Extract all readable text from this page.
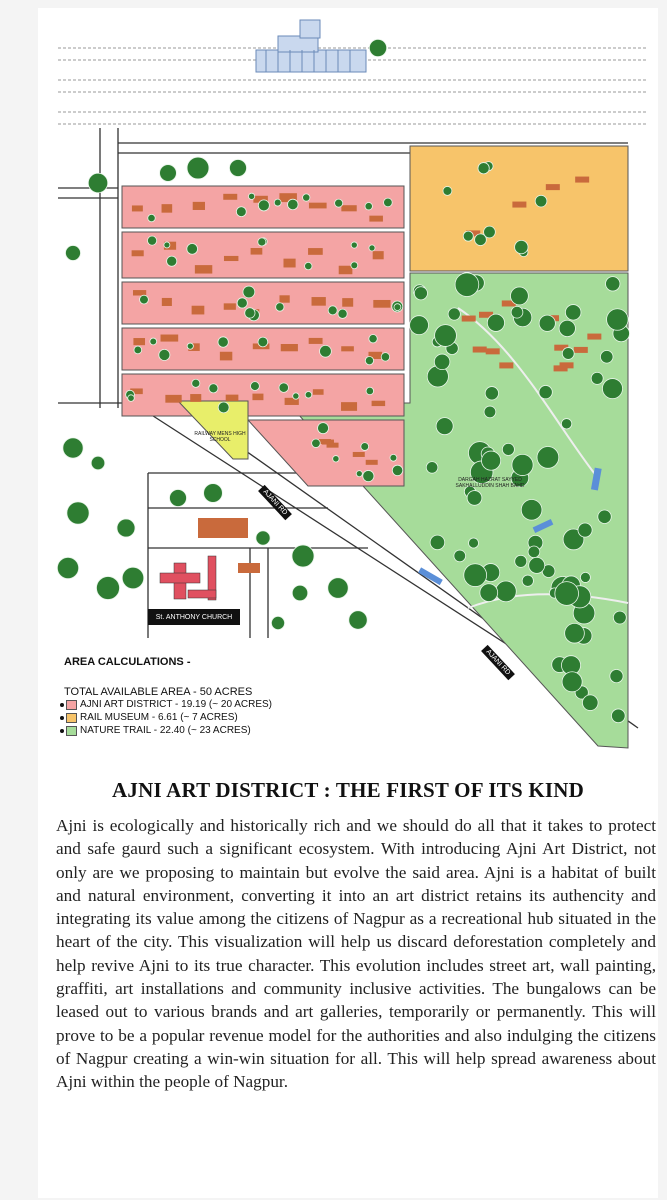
RAILWAY MENS HIGH SCHOOL
DARGAH HAZRAT SAYYED SAKHALLUDDIN SHAH BAHD
St. ANTHONY CHURCH
AJANI RD
AJANI RD
AREA CALCULATIONS -
TOTAL AVAILABLE AREA - 50 ACRES
AJNI ART DISTRICT - 19.19 (~ 20 ACRES)
RAIL MUSEUM - 6.61 (~ 7 ACRES)
NATURE TRAIL - 22.40 (~ 23 ACRES)
AJNI ART DISTRICT : THE FIRST OF ITS KIND

Ajni is ecologically and historically rich and we should do all that it takes to protect and safe gaurd such a significant ecosystem. With introducing Ajni Art District, not only are we proposing to maintain but evolve the said area. Ajni is a habitat of built and natural environment, converting it into an art district retains its authencity and integrating its value among the citizens of Nagpur as a recreational hub situated in the heart of the city. This visualization will help us discard deforestation completely and help revive Ajni to its true character. This evolution includes street art, wall painting, graffiti, art installations and community inclusive activities. The bungalows can be leased out to various brands and art galleries, temporarily or permanently. This will prove to be a popular revenue model for the authorities and also indulging the citizens of Nagpur creating a win-win situation for all. This will help spread awareness about Ajni within the people of Nagpur.
